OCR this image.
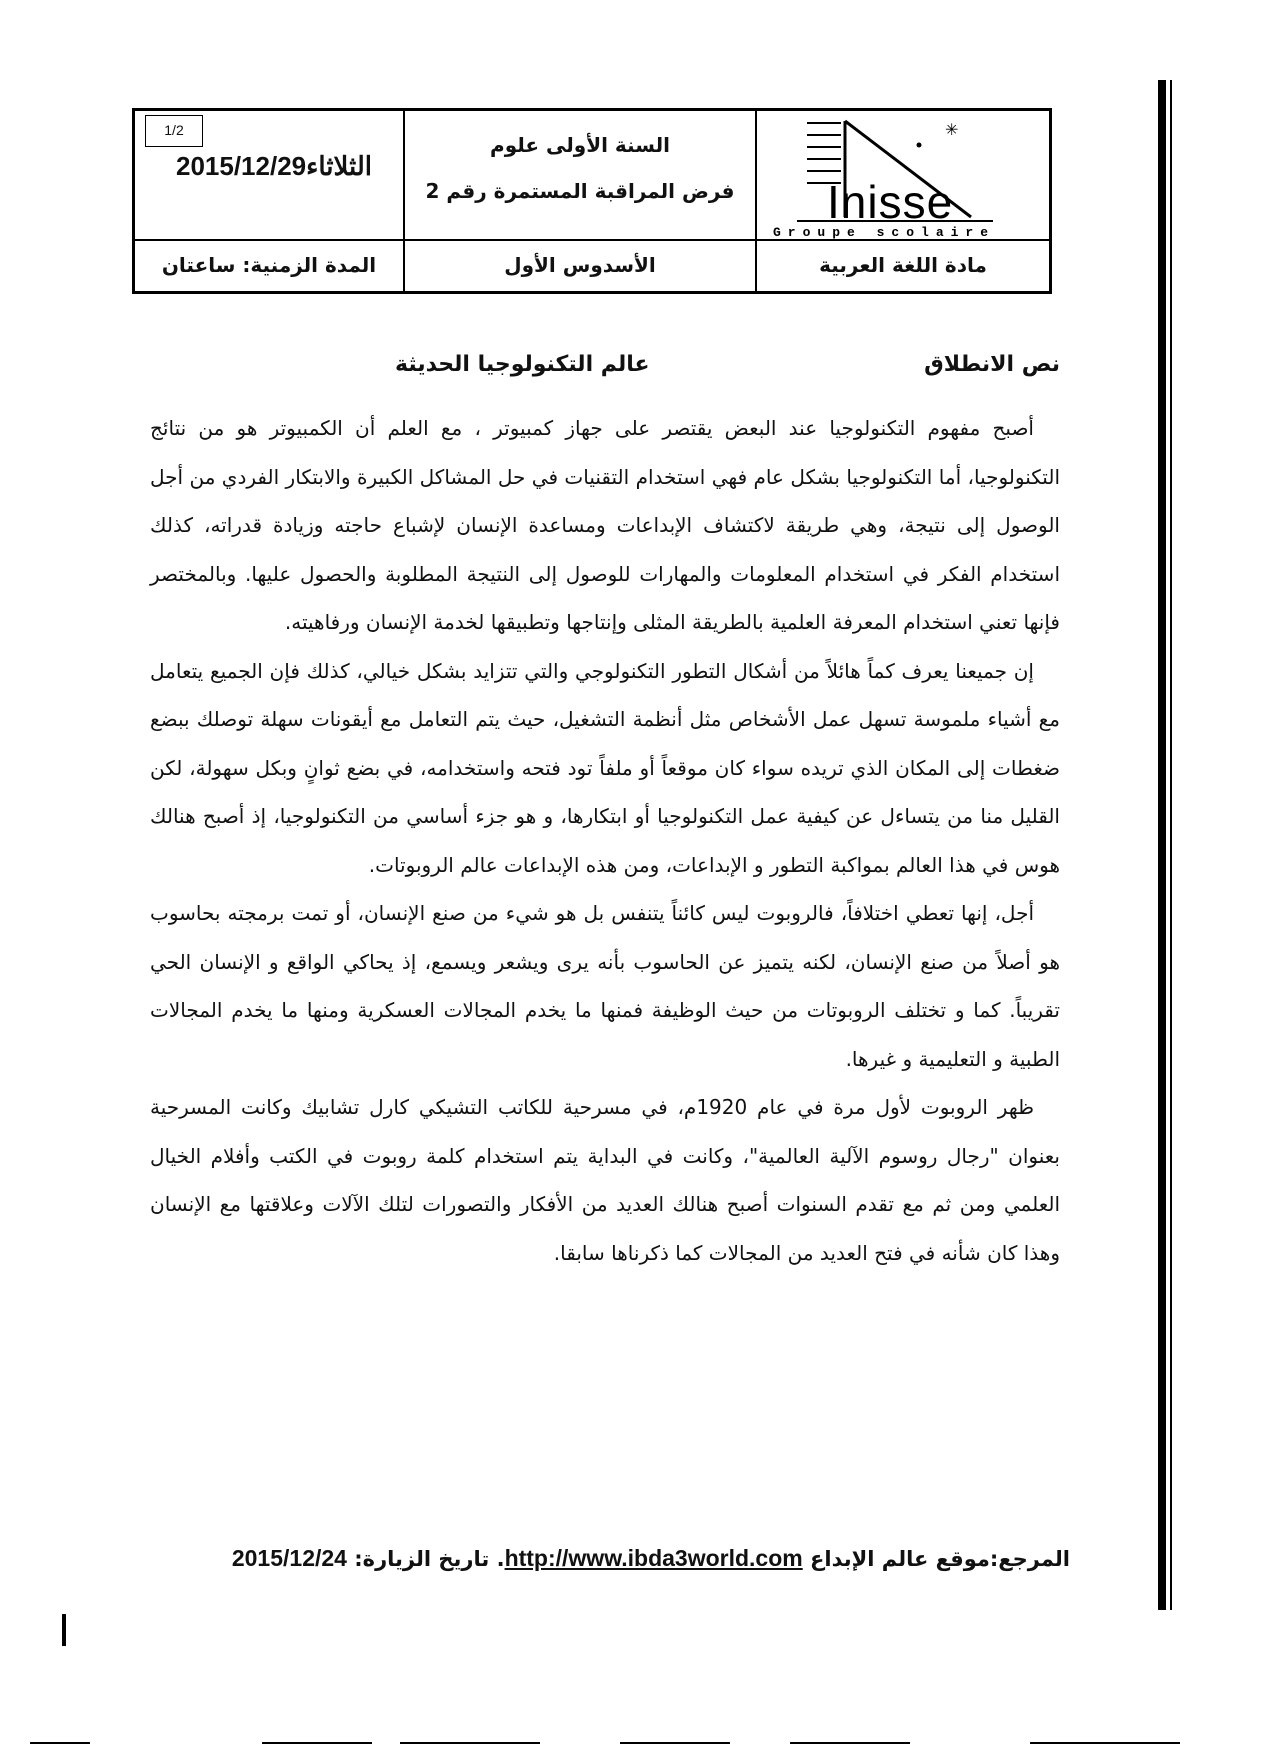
1/2
الثلاثاء2015/12/29
السنة الأولى علوم
فرض المراقبة المستمرة رقم 2
✳
Inisse
Groupe scolaire
المدة الزمنية: ساعتان	الأسدوس الأول	مادة اللغة العربية
نص الانطلاق
عالم التكنولوجيا الحديثة

أصبح مفهوم التكنولوجيا عند البعض يقتصر على جهاز كمبيوتر ، مع العلم أن الكمبيوتر هو من نتائج التكنولوجيا، أما التكنولوجيا بشكل عام فهي استخدام التقنيات في حل المشاكل الكبيرة والابتكار الفردي من أجل الوصول إلى نتيجة، وهي طريقة لاكتشاف الإبداعات ومساعدة الإنسان لإشباع حاجته وزيادة قدراته، كذلك استخدام الفكر في استخدام المعلومات والمهارات للوصول إلى النتيجة المطلوبة والحصول عليها. وبالمختصر فإنها تعني استخدام المعرفة العلمية بالطريقة المثلى وإنتاجها وتطبيقها لخدمة الإنسان ورفاهيته.

إن جميعنا يعرف كماً هائلاً من أشكال التطور التكنولوجي والتي تتزايد بشكل خيالي، كذلك فإن الجميع يتعامل مع أشياء ملموسة تسهل عمل الأشخاص مثل أنظمة التشغيل، حيث يتم التعامل مع أيقونات سهلة توصلك ببضع ضغطات إلى المكان الذي تريده سواء كان موقعاً أو ملفاً تود فتحه واستخدامه، في بضع ثوانٍ وبكل سهولة، لكن القليل منا من يتساءل عن كيفية عمل التكنولوجيا أو ابتكارها، و هو جزء أساسي من التكنولوجيا، إذ أصبح هنالك هوس في هذا العالم بمواكبة التطور و الإبداعات، ومن هذه الإبداعات عالم الروبوتات.

أجل، إنها تعطي اختلافاً، فالروبوت ليس كائناً يتنفس بل هو شيء من صنع الإنسان، أو تمت برمجته بحاسوب هو أصلاً من صنع الإنسان، لكنه يتميز عن الحاسوب بأنه يرى ويشعر ويسمع، إذ يحاكي الواقع و الإنسان الحي تقريباً. كما و تختلف الروبوتات من حيث الوظيفة فمنها ما يخدم المجالات العسكرية ومنها ما يخدم المجالات الطبية و التعليمية و غيرها.

ظهر الروبوت لأول مرة في عام 1920م، في مسرحية للكاتب التشيكي كارل تشابيك وكانت المسرحية بعنوان "رجال روسوم الآلية العالمية"، وكانت في البداية يتم استخدام كلمة روبوت في الكتب وأفلام الخيال العلمي ومن ثم مع تقدم السنوات أصبح هنالك العديد من الأفكار والتصورات لتلك الآلات وعلاقتها مع الإنسان وهذا كان شأنه في فتح العديد من المجالات كما ذكرناها سابقا.

المرجع:موقع عالم الإبداع http://www.ibda3world.com. تاريخ الزيارة: 2015/12/24
